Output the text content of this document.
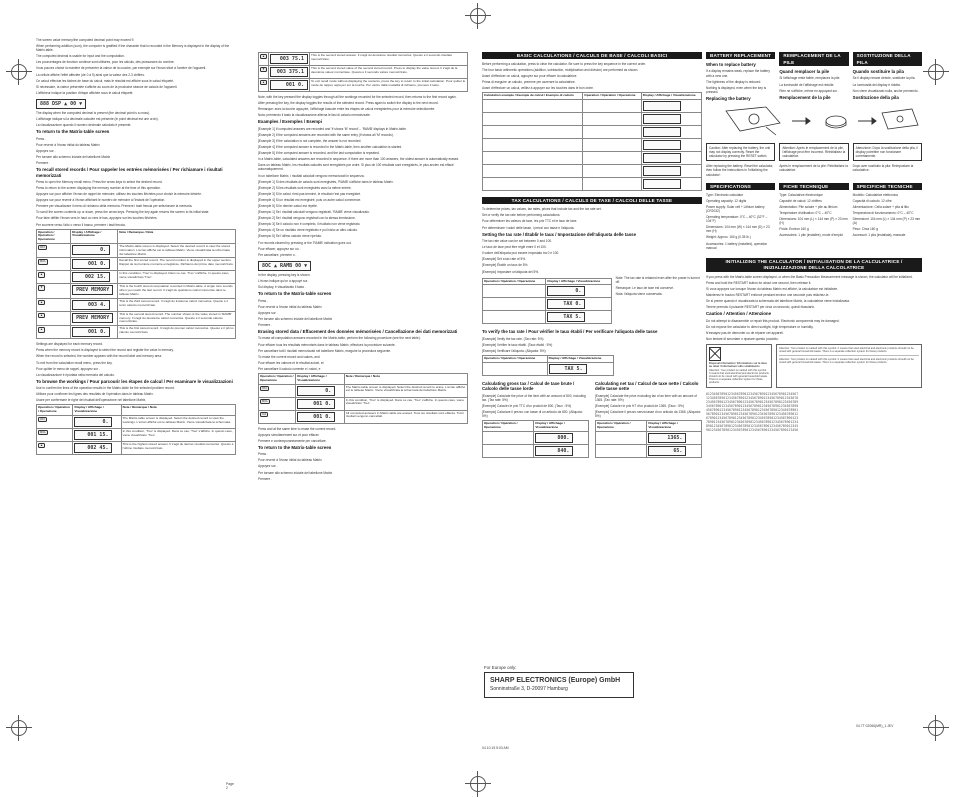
The screen value memory/the computed decimal point may exceed 9.

When performing addition (sum), the computer is gratified if the character that is recorded in the Memory is displayed in the display of the Matrix-table.

The computed decimal is usable for input and the computation.

Les pourcentages de fonction continue sont utilisées, pour les calculs, des puissances du nombre.

Vous pouvez choisir la manière de présenter la valeur de la couche, par exemple sur l'écran situé à l'arrière de l'appareil.

La cellule affiche l'effet affectée (de 0 à 9) ainsi que la valeur des 2-3 chiffres.

Ce calcul effectue les tâches de base du calcul, mais le résultat est affiché sous le calcul étiqueté.

Si nécessaire, la valeur présentée s'affiche au cours de la prochaine séance de calculs de l'appareil.

L'afficheur indique la position d'étape affichée sous le calcul étiqueté.

888 DSP ▲ 00 ▼

The display when the computed decimal is present (the decimal point is a cross).

L'affichage indique si la décimale calculée est présente (le point décimal est une croix).

La visualizzazione quando il numero decimale calcolato è presente.

To return to the Matrix-table screen

Press .

Pour revenir à l'écran initial du tableau Matrix

Appuyez sur .

Per tornare allo schermo iniziale del tabellone Matrix

Premere .

To recall stored records / Pour rappeler les entrées mémorisées / Per richiamare i risultati memorizzati

Press to open the Memory recall menu. Press the arrow keys to select the desired record.

Press to return to the screen displaying the memory number at the time of this operation.

Appuyez sur pour afficher l'écran de rappel de mémoire; utilisez les touches fléchées pour choisir la mémoire désirée.

Appuyez sur pour revenir à l'écran affichant le numéro de mémoire à l'instant de l'opération.

Premere per visualizzare il menu di richiamo della memoria. Premere i tasti freccia per selezionare la memoria.

To scroll the screen contents up or down, press the arrow keys. Pressing the key again returns the screen to its initial state.

Pour faire défiler l'écran vers le haut ou vers le bas, appuyez sur les touches fléchées.

Per scorrere verso l'alto o verso il basso, premere i tasti freccia.

Operation / Opération / Operazione	Display / Affichage / Visualizzazione	Note / Remarque / Nota
ON	0.	The Matrix-table screen is displayed. Select the desired record to view the stored information. L'écran affiché est le tableau Matrix. Viene visualizzata la schermata del tabellone Matrix.
RCL	001 0.	Recall the first stored record. The record number is displayed in the upper section. Rappel de la première mémoire enregistrée. Richiamo del primo dato memorizzato.
▲	002 15.	In this condition, 'Trec' is displayed. Dans ce cas, 'Trec' s'affiche. In questo caso, viene visualizzato 'Trec'.
▼	PREV MEMORY	This is the fourth stored computation recorded in Matrix-table. A single tone sounds when you reach the last record. Il s'agit du quatrième calcul mémorisé dans le tableau Matrix.
▲	003 4.	This is the third stored record. Il s'agit du troisième calcul mémorisé. Questo è il terzo calcolo memorizzato.
▲	PREV MEMORY	This is the second stored record. The number shown is the value stored in 'RAMB' memory. Il s'agit du deuxième calcul mémorisé. Questo è il secondo calcolo memorizzato.
▲	001 0.	This is the first stored record. Il s'agit du premier calcul mémorisé. Questo è il primo calcolo memorizzato.

Settings are displayed for each memory record.

Press when the memory record is displayed to select the record and register the value in memory.

When the record is selected, the number appears with the record label and memory area.

To exit from the calculation recall menu, press the key.

Pour quitter le menu de rappel, appuyez sur .

La visualizzazione è riportata nella memoria del calcolo.

To browse the workings / Pour parcourir les étapes de calcul / Per esaminare le visualizzazioni

Use to confirm the lines of the operation results in the Matrix-table for the selected problem record.

Utilisez pour confirmer les lignes des résultats de l'opération dans le tableau Matrix.

Usare per confermare le righe dei risultati dell'operazione nel tabellone Matrix.

Operation / Opération / Operazione	Display / Affichage / Visualizzazione	Note / Remarque / Nota
ON	0.	The Matrix-table screen is displayed. Select the desired record to view the workings. L'écran affiché est le tableau Matrix. Viene visualizzata la schermata.
RCL	001 15.	In this condition, 'Trec' is displayed. Dans ce cas, 'Trec' s'affiche. In questo caso, viene visualizzato 'Trec'.
▲	002 45.	This is the highest stored answer. Il s'agit du dernier résultat mémorisé. Questo è l'ultimo risultato memorizzato.
Page 2
▲	003 75.1	This is the second stored answer. Il s'agit du deuxième résultat mémorisé. Questo è il secondo risultato memorizzato.
▼	003 375.1	This is the second stored value of the second stored record. Press to display the value stored. Il s'agit de la deuxième valeur mémorisée. Questo è il secondo valore memorizzato.
▲	001 0.	To exit recall mode without displaying the contents, press the key to return to the initial calculation. Pour quitter le mode de rappel, appuyez sur la touche. Per uscire dalla modalità di richiamo, premere il tasto.

Note, with the key pressed the display toggles through all the workings recorded for the selected record, then returns to the first record again.

After pressing the key, the display toggles the results of the selected record. Press again to switch the display to the next record.

Remarque: avec la touche appuyée, l'affichage bascule entre les étapes de calcul enregistrées pour la mémoire sélectionnée.

Nota: premendo il tasto la visualizzazione alterna le fasi di calcolo memorizzate.

Examples / Exemples / Esempi

[Example 1] If computed answers are recorded and 'if shows 'M' record'... 'RAMB' displays in Matrix-table.

[Example 2] If the computed answers are recorded with the same entry (if shows all 'M' records).

[Example 3] If the calculation is not complete, the answer is not recorded.

[Example 4] If the computed answer is recorded in the Matrix-table, then another calculation is started.

[Example 5] If the computed answer is recorded, and the last computation is repeated.

In a Matrix-table, calculated answers are recorded in sequence. If there are more than 100 answers, the oldest answer is automatically erased.

Dans un tableau Matrix, les résultats calculés sont enregistrés par ordre. Si plus de 100 résultats sont enregistrés, le plus ancien est effacé automatiquement.

In un tabellone Matrix, i risultati calcolati vengono memorizzati in sequenza.

[Exemple 1] Si des résultats de calculs sont enregistrés, 'RAMB' s'affiche dans le tableau Matrix.

[Exemple 2] Si les résultats sont enregistrés avec la même entrée.

[Exemple 3] Si le calcul n'est pas terminé, le résultat n'est pas enregistré.

[Exemple 4] Si un résultat est enregistré, puis un autre calcul commence.

[Exemple 5] Si le dernier calcul est répété.

[Esempio 1] Se i risultati calcolati vengono registrati, 'RAMB' viene visualizzato.

[Esempio 2] Se i risultati vengono registrati con la stessa immissione.

[Esempio 3] Se il calcolo non è completo, il risultato non viene registrato.

[Esempio 4] Se un risultato viene registrato e poi inizia un altro calcolo.

[Esempio 5] Se l'ultimo calcolo viene ripetuto.

For records cleared by pressing or the 'RAMB' indication goes out.

Pour effacer, appuyez sur ou .

Per cancellare, premere o .

8OC ▲ RAMB 00 ▼

In the display, pressing key is shown.

L'écran indique qu'on a appuyé sur .

Sul display, è visualizzato il tasto .

To return to the Matrix-table screen

Press .

Pour revenir à l'écran initial du tableau Matrix

Appuyez sur .

Per tornare allo schermo iniziale del tabellone Matrix

Premere .

Erasing stored data / Effacement des données mémorisées / Cancellazione dei dati memorizzati

To erase all computation answers recorded in the Matrix-table, perform the following procedure (see the next table).

Pour effacer tous les résultats mémorisés dans le tableau Matrix, effectuez la procédure suivante.

Per cancellare tutti i risultati memorizzati nel tabellone Matrix, eseguire la procedura seguente.

To erase the current record and values, and

Pour effacer les valeurs et le résultat actuel, et

Per cancellare il calcolo corrente e i valori, e

Operation / Opération / Operazione	Display / Affichage / Visualizzazione	Note / Remarque / Nota
ON	0.	The Matrix-table screen is displayed. Select the desired record to erase. L'écran affiché est le tableau Matrix. Viene visualizzata la schermata del tabellone Matrix.
RCL	001 0.	In this condition, 'Trec' is displayed. Dans ce cas, 'Trec' s'affiche. In questo caso, viene visualizzato 'Trec'.
CA	001 0.	All computed answers in Matrix-table are erased. Tous les résultats sont effacés. Tutti i risultati vengono cancellati.

Press and at the same time to erase the current record.

Appuyez simultanément sur et pour effacer.

Premere e contemporaneamente per cancellare.

To return to the Matrix-table screen

Press .

Pour revenir à l'écran initial du tableau Matrix

Appuyez sur .

Per tornare allo schermo iniziale del tabellone Matrix

Premere .

BASIC CALCULATIONS / CALCULS DE BASE / CALCOLI BASICI

Before performing a calculation, press to clear the calculator. Be sure to press the key sequence in the correct order.

The four basic arithmetic operations (addition, subtraction, multiplication and division) are performed as shown.

Avant d'effectuer un calcul, appuyez sur pour effacer la calculatrice.

Prima di eseguire un calcolo, premere per azzerare la calcolatrice.

Avant d'effectuer un calcul, veillez à appuyer sur les touches dans le bon ordre.

Calculation example / Exemple de calcul / Esempio di calcolo	Operation / Opération / Operazione	Display / Affichage / Visualizzazione

TAX CALCULATIONS / CALCULS DE TAXE / CALCOLI DELLE TASSE

To determine prices, tax values, tax rates, prices that include tax and the tax rate set.

Set or verify the tax rate before performing calculations.

Pour déterminer les valeurs de taxe, les prix TTC et le taux de taxe.

Per determinare i valori delle tasse, i prezzi con tasse e l'aliquota.

Setting the tax rate / Établir le taux / Impostazione dell'aliquota delle tasse

The tax rate value can be set between 0 and 100.

Le taux de taxe peut être réglé entre 0 et 100.

Il valore dell'aliquota può essere impostato tra 0 e 100.

[Example] Set a tax rate of 5%.

[Exemple] Établir un taux de 5%.

[Esempio] Impostare un'aliquota del 5%.

Operation / Opération / Operazione	Display / Affichage / Visualizzazione
	0.
	TAX 0.
	TAX 5.

Note: The tax rate is retained even after the power is turned off.

Remarque: Le taux de taxe est conservé.

Nota: l'aliquota viene conservata.

To verify the tax rate / Pour vérifier le taux établi / Per verificare l'aliquota delle tasse

[Example] Verify the tax rate. (Tax rate: 5%)

[Exemple] Vérifier le taux établi. (Taux établi : 5%)

[Esempio] Verificare l'aliquota. (Aliquota: 5%)

Operation / Opération / Operazione	Display / Affichage / Visualizzazione
	TAX 5.
Calculating gross tax / Calcul de taxe brute / Calcolo delle tasse lorde

[Example] Calculate the price of the item with an amount of 800, including tax. (Tax rate: 5%)

[Exemple] Calculer le prix TTC d'un produit de 800. (Taux : 5%)

[Esempio] Calcolare il prezzo con tasse di un articolo da 800. (Aliquota: 5%)

Operation / Opération / Operazione	Display / Affichage / Visualizzazione
	800.
	840.
Calculating net tax / Calcul de taxe nette / Calcolo delle tasse nette

[Example] Calculate the price excluding tax of an item with an amount of 1365. (Tax rate: 5%)

[Exemple] Calculer le prix HT d'un produit de 1365. (Taux : 5%)

[Esempio] Calcolare il prezzo senza tasse di un articolo da 1365. (Aliquota: 5%)

Operation / Opération / Operazione	Display / Affichage / Visualizzazione
	1365.
	65.
For Europe only:
SHARP ELECTRONICS (Europe) GmbH
Sonninstraße 3, D-20097 Hamburg
04.10.15 5:03 AM
BATTERY REPLACEMENT
When to replace battery

If a display remains weak, replace the battery with a new one.

The lightness of the display is reduced.

Nothing is displayed, even when the key is pressed.

Replacing the battery
REMPLACEMENT DE LA PILE
Quand remplacer la pile

Si l'affichage reste faible, remplacez la pile.

La luminosité de l'affichage est réduite.

Rien ne s'affiche, même en appuyant sur .

Remplacement de la pile
SOSTITUZIONE DELLA PILA
Quando sostituire la pila

Se il display rimane debole, sostituire la pila.

La luminosità del display è ridotta.

Non viene visualizzato nulla, anche premendo .

Sostituzione della pila
Caution: After replacing the battery, the unit may not display correctly. Reset the calculator by pressing the RESET switch.
Attention: Après le remplacement de la pile, l'affichage peut être incorrect. Réinitialisez la calculatrice.
Attenzione: Dopo la sostituzione della pila, il display potrebbe non funzionare correttamente.
After replacing the battery: Reset the calculator, then follow the instructions in 'Initializing the calculator'.
Après le remplacement de la pile: Réinitialisez la calculatrice.
Dopo aver sostituito la pila: Reimpostare la calcolatrice.
SPECIFICATIONS

Type: Electronic calculator

Operating capacity: 12 digits

Power supply: Solar cell + Lithium battery (CR2032)

Operating temperature: 0°C – 40°C (32°F – 104°F)

Dimensions: 104 mm (W) × 144 mm (D) × 23 mm (H)

Weight: Approx. 160 g (0.35 lb.)

Accessories: 1 battery (installed), operation manual

FICHE TECHNIQUE

Type: Calculatrice électronique

Capacité de calcul: 12 chiffres

Alimentation: Pile solaire + pile au lithium

Température d'utilisation: 0°C – 40°C

Dimensions: 104 mm (L) × 144 mm (P) × 23 mm (H)

Poids: Environ 160 g

Accessoires: 1 pile (installée), mode d'emploi

SPECIFICHE TECNICHE

Modello: Calcolatrice elettronica

Capacità di calcolo: 12 cifre

Alimentazione: Cella solare + pila al litio

Temperatura di funzionamento: 0°C – 40°C

Dimensioni: 104 mm (L) × 144 mm (P) × 23 mm (A)

Peso: Circa 160 g

Accessori: 1 pila (installata), manuale

INITIALIZING THE CALCULATOR / INITIALISATION DE LA CALCULATRICE / INIZIALIZZAZIONE DELLA CALCOLATRICE

If you press with the Matrix-table screen displayed, or when the Basic Precaution Measurement message is shown, the calculator will be initialized.

Press and hold the RESTART button for about one second, then release it.

Si vous appuyez sur lorsque l'écran du tableau Matrix est affiché, la calculatrice est initialisée.

Maintenez le bouton RESTART enfoncé pendant environ une seconde puis relâchez-le.

Se si preme quando è visualizzata la schermata del tabellone Matrix, la calcolatrice viene inizializzata.

Tenere premuto il pulsante RESTART per circa un secondo, quindi rilasciarlo.

Caution / Attention / Attenzione

Do not attempt to disassemble or repair this product. Electronic components may be damaged.

Do not expose the calculator to direct sunlight, high temperature or humidity.

N'essayez pas de démonter ou de réparer cet appareil.

Non tentare di smontare o riparare questo prodotto.

Disposal information / Informations sur la mise au rebut / Informazioni sullo smaltimento
Attention: Your product is marked with this symbol. It means that used electrical and electronic products should not be mixed with general household waste. There is a separate collection system for these products.
Attention: Your product is marked with this symbol. It means that used electrical and electronic products should not be mixed with general household waste. There is a separate collection system for these products.
Attention: Your product is marked with this symbol. It means that used electrical and electronic products should not be mixed with general household waste. There is a separate collection system for these products.
012345678901234567890123456789012345678901234567
123456789012345678901234567890123456789012345678
234567890123456789012345678901234567890123456789
345678901234567890123456789012345678901234567890
456789012345678901234567890123456789012345678901
567890123456789012345678901234567890123456789012
678901234567890123456789012345678901234567890123
789012345678901234567890123456789012345678901234
890123456789012345678901234567890123456789012345
901234567890123456789012345678901234567890123456

04.7T 02066(MR)_1.JEV
